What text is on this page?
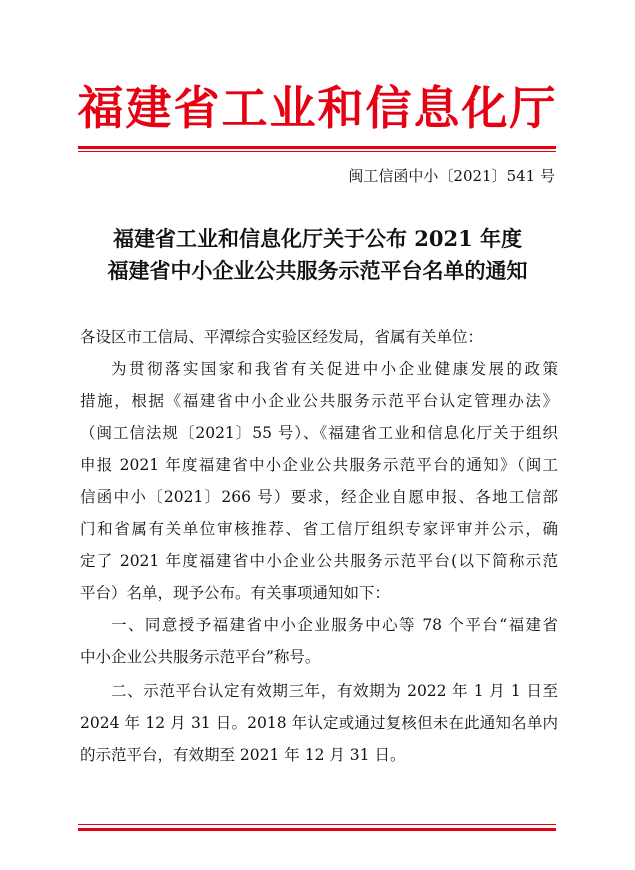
福建省工业和信息化厅
闽工信函中小〔2021〕541 号
福建省工业和信息化厅关于公布 2021 年度
福建省中小企业公共服务示范平台名单的通知
各设区市工信局、平潭综合实验区经发局，省属有关单位：
为贯彻落实国家和我省有关促进中小企业健康发展的政策
措施，根据《福建省中小企业公共服务示范平台认定管理办法》
（闽工信法规〔2021〕55 号）、《福建省工业和信息化厅关于组织
申报 2021 年度福建省中小企业公共服务示范平台的通知》（闽工
信函中小〔2021〕266 号）要求，经企业自愿申报、各地工信部
门和省属有关单位审核推荐、省工信厅组织专家评审并公示，确
定了 2021 年度福建省中小企业公共服务示范平台(以下简称示范
平台）名单，现予公布。有关事项通知如下：
一、同意授予福建省中小企业服务中心等 78 个平台“福建省
中小企业公共服务示范平台”称号。
二、示范平台认定有效期三年，有效期为 2022 年 1 月 1 日至
2024 年 12 月 31 日。2018 年认定或通过复核但未在此通知名单内
的示范平台，有效期至 2021 年 12 月 31 日。
